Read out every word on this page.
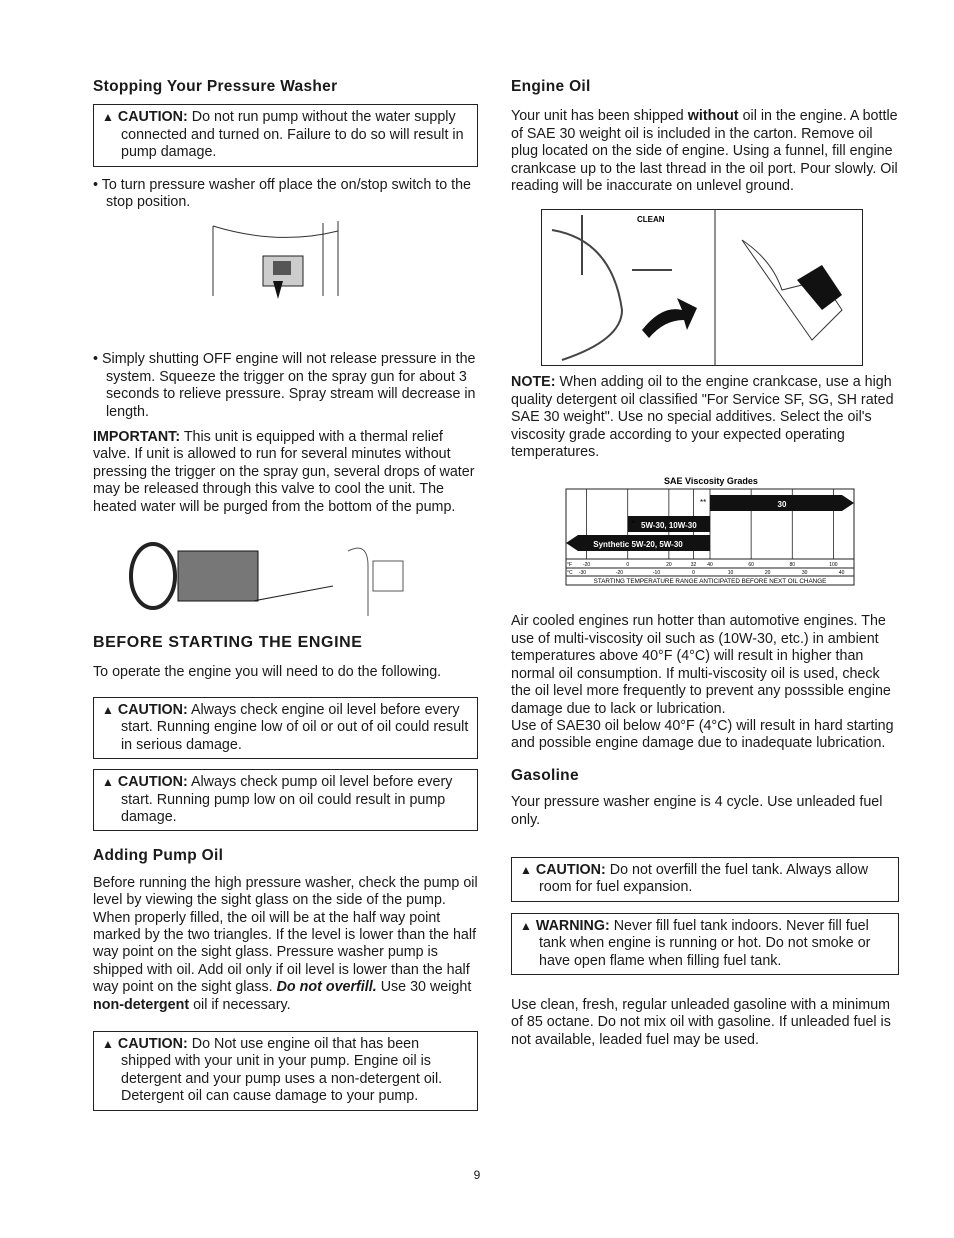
Stopping Your Pressure Washer

▲ CAUTION: Do not run pump without the water supply connected and turned on. Failure to do so will result in pump damage.

• To turn pressure washer off place the on/stop switch to the stop position.

• Simply shutting OFF engine will not release pressure in the system. Squeeze the trigger on the spray gun for about 3 seconds to relieve pressure. Spray stream will decrease in length.

IMPORTANT: This unit is equipped with a thermal relief valve. If unit is allowed to run for several minutes without pressing the trigger on the spray gun, several drops of water may be released through this valve to cool the unit. The heated water will be purged from the bottom of the pump.

BEFORE STARTING THE ENGINE

To operate the engine you will need to do the following.

▲ CAUTION: Always check engine oil level before every start. Running engine low of oil or out of oil could result in serious damage.

▲ CAUTION: Always check pump oil level before every start. Running pump low on oil could result in pump damage.

Adding Pump Oil

Before running the high pressure washer, check the pump oil level by viewing the sight glass on the side of the pump. When properly filled, the oil will be at the half way point marked by the two triangles. If the level is lower than the half way point on the sight glass. Pressure washer pump is shipped with oil. Add oil only if oil level is lower than the half way point on the sight glass. Do not overfill. Use 30 weight non-detergent oil if necessary.

▲ CAUTION: Do Not use engine oil that has been shipped with your unit in your pump. Engine oil is detergent and your pump uses a non-detergent oil. Detergent oil can cause damage to your pump.

Engine Oil

Your unit has been shipped without oil in the engine. A bottle of SAE 30 weight oil is included in the carton. Remove oil plug located on the side of engine. Using a funnel, fill engine crankcase up to the last thread in the oil port. Pour slowly. Oil reading will be inaccurate on unlevel ground.

CLEAN

NOTE: When adding oil to the engine crankcase, use a high quality detergent oil classified "For Service SF, SG, SH rated SAE 30 weight". Use no special additives. Select the oil's viscosity grade according to your expected operating temperatures.

SAE Viscosity Grades
30
**
5W-30, 10W-30
*
Synthetic 5W-20, 5W-30
°F
°C
-20	0	20	32 40	60	80	100
-30	-20	-10	0	10	20	30	40
STARTING TEMPERATURE RANGE ANTICIPATED BEFORE NEXT OIL CHANGE

Air cooled engines run hotter than automotive engines. The use of multi-viscosity oil such as (10W-30, etc.) in ambient temperatures above 40°F (4°C) will result in higher than normal oil consumption. If multi-viscosity oil is used, check the oil level more frequently to prevent any posssible engine damage due to lack or lubrication.

Use of SAE30 oil below 40°F (4°C) will result in hard starting and possible engine damage due to inadequate lubrication.

Gasoline

Your pressure washer engine is 4 cycle. Use unleaded fuel only.

▲ CAUTION: Do not overfill the fuel tank. Always allow room for fuel expansion.

▲ WARNING: Never fill fuel tank indoors. Never fill fuel tank when engine is running or hot. Do not smoke or have open flame when filling fuel tank.

Use clean, fresh, regular unleaded gasoline with a minimum of 85 octane. Do not mix oil with gasoline. If unleaded fuel is not available, leaded fuel may be used.

9
